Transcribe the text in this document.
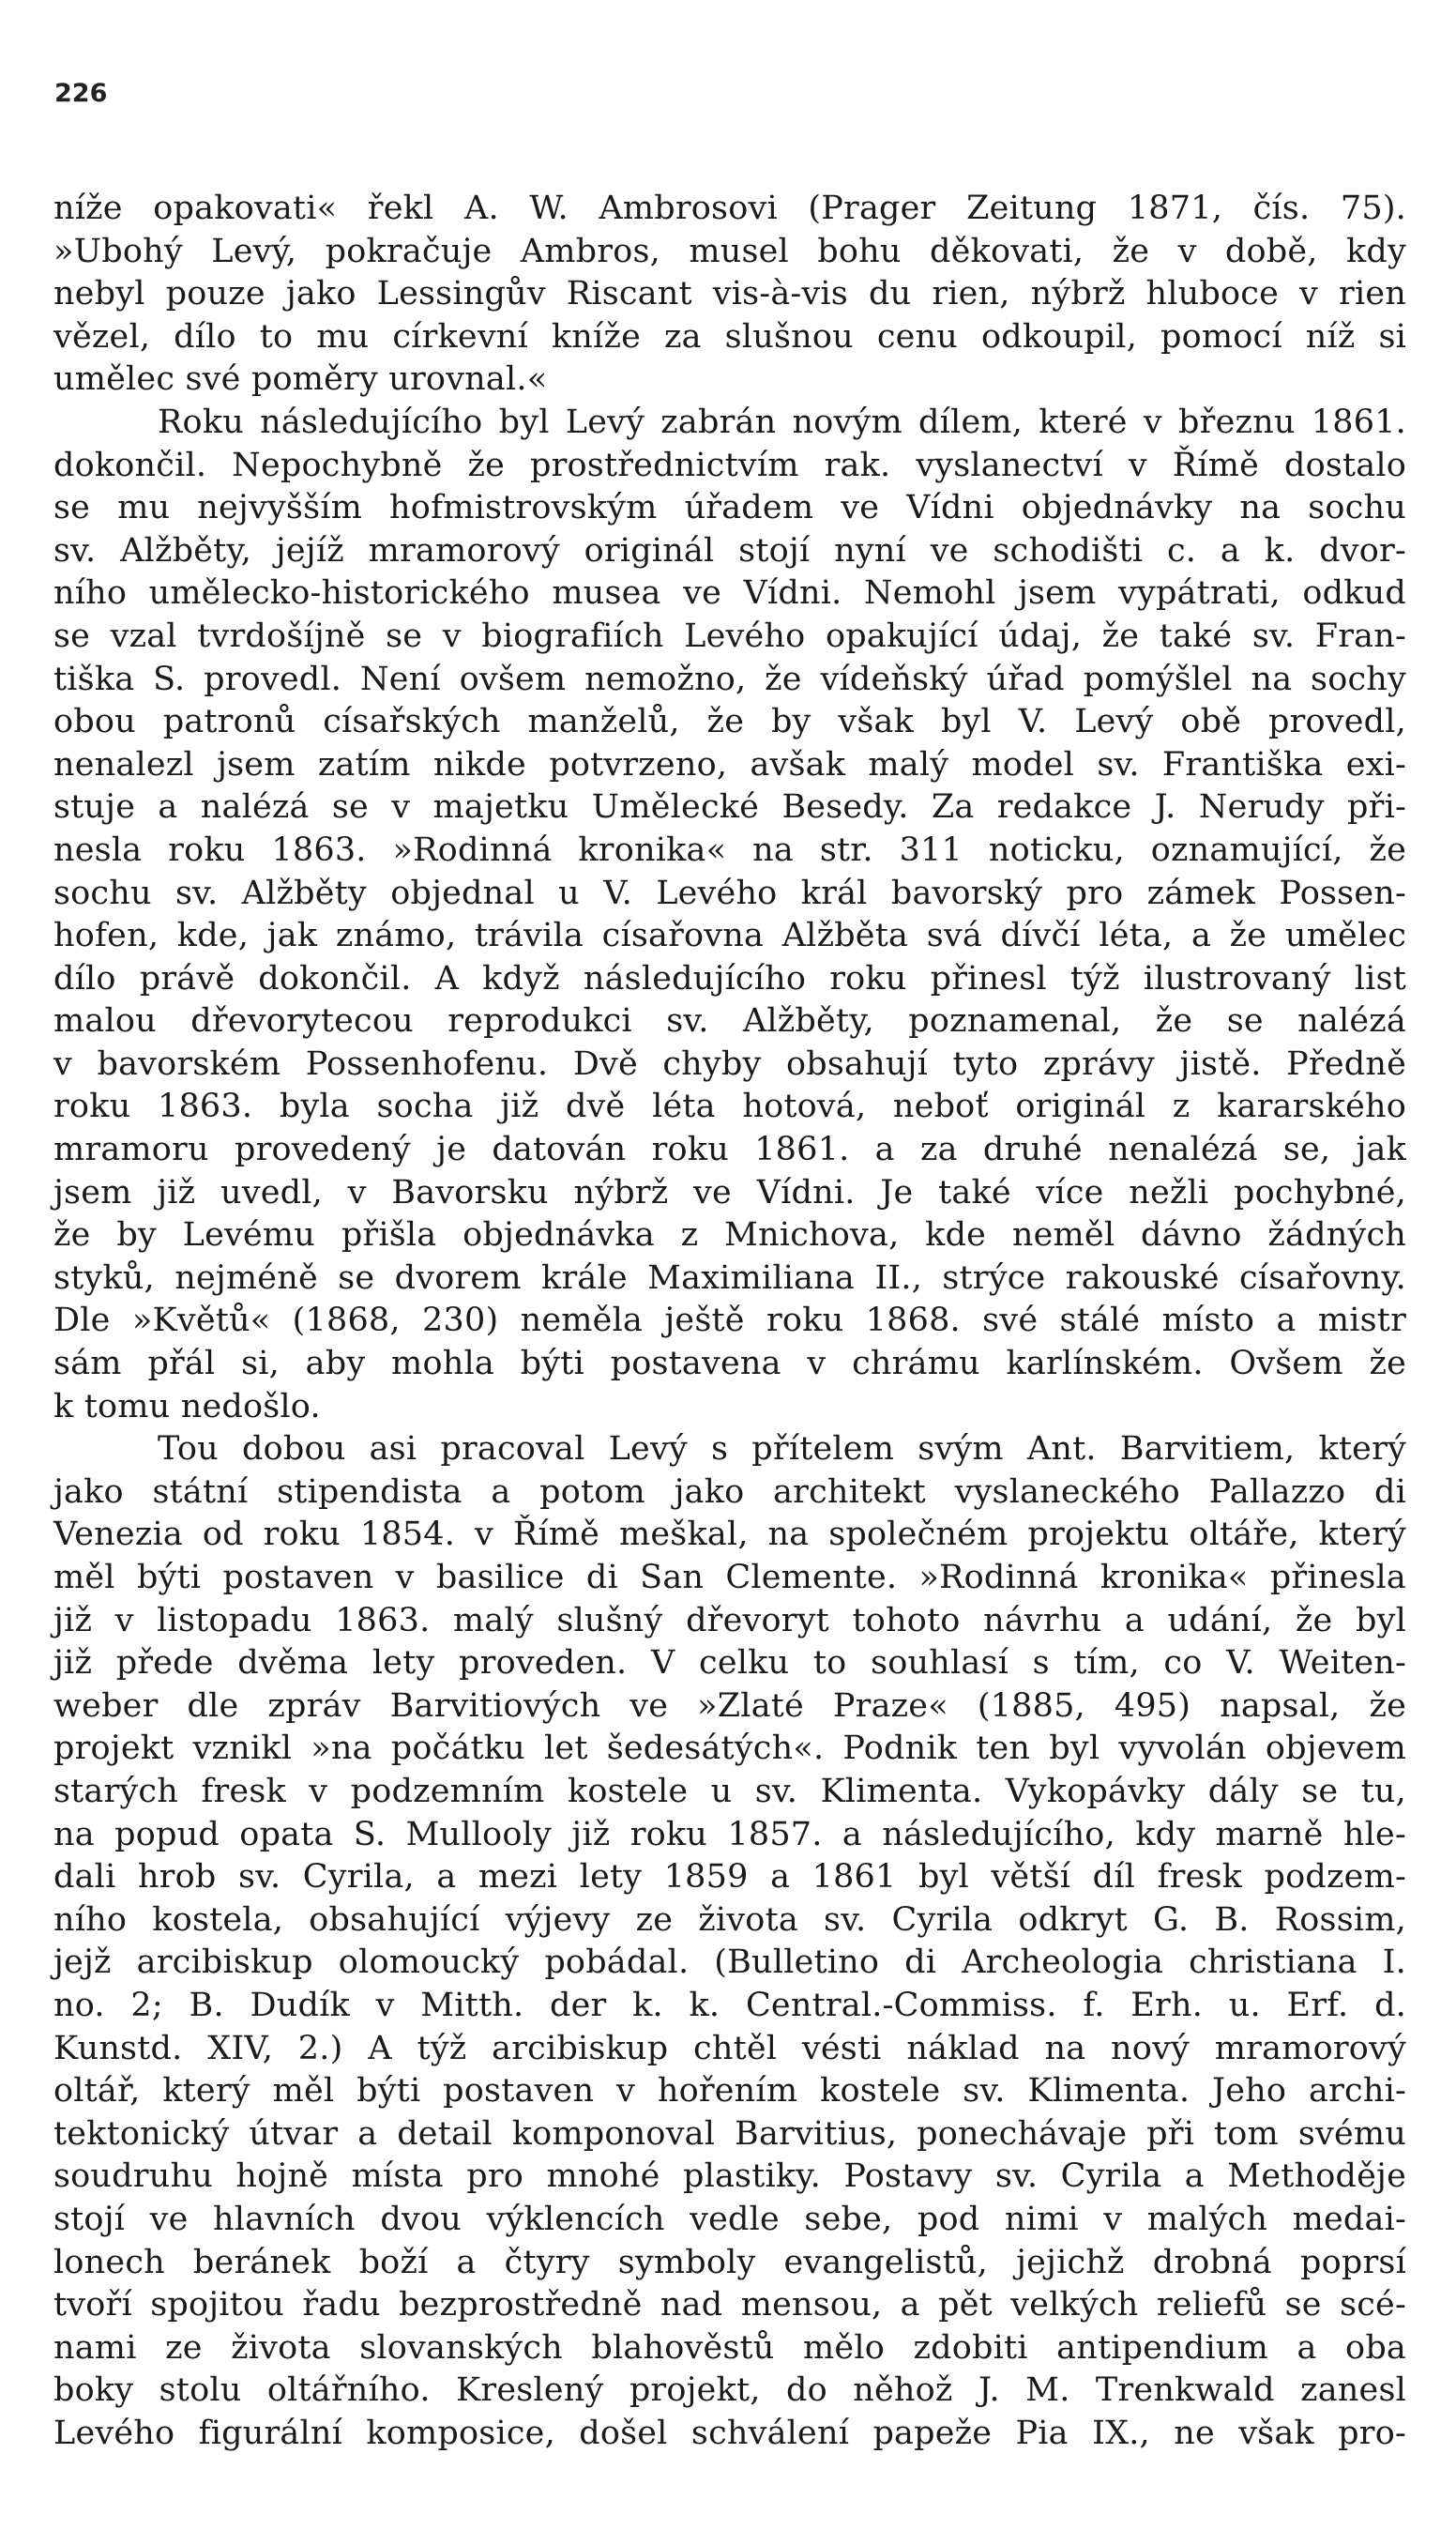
226
níže opakovati« řekl A. W. Ambrosovi (Prager Zeitung 1871, čís. 75).
»Ubohý Levý, pokračuje Ambros, musel bohu děkovati, že v době, kdy
nebyl pouze jako Lessingův Riscant vis-à-vis du rien, nýbrž hluboce v rien
vězel, dílo to mu církevní kníže za slušnou cenu odkoupil, pomocí níž si
umělec své poměry urovnal.«
Roku následujícího byl Levý zabrán novým dílem, které v březnu 1861.
dokončil. Nepochybně že prostřednictvím rak. vyslanectví v Římě dostalo
se mu nejvyšším hofmistrovským úřadem ve Vídni objednávky na sochu
sv. Alžběty, jejíž mramorový originál stojí nyní ve schodišti c. a k. dvor-
ního umělecko-historického musea ve Vídni. Nemohl jsem vypátrati, odkud
se vzal tvrdošíjně se v biografiích Levého opakující údaj, že také sv. Fran-
tiška S. provedl. Není ovšem nemožno, že vídeňský úřad pomýšlel na sochy
obou patronů císařských manželů, že by však byl V. Levý obě provedl,
nenalezl jsem zatím nikde potvrzeno, avšak malý model sv. Františka exi-
stuje a nalézá se v majetku Umělecké Besedy. Za redakce J. Nerudy při-
nesla roku 1863. »Rodinná kronika« na str. 311 noticku, oznamující, že
sochu sv. Alžběty objednal u V. Levého král bavorský pro zámek Possen-
hofen, kde, jak známo, trávila císařovna Alžběta svá dívčí léta, a že umělec
dílo právě dokončil. A když následujícího roku přinesl týž ilustrovaný list
malou dřevorytecou reprodukci sv. Alžběty, poznamenal, že se nalézá
v bavorském Possenhofenu. Dvě chyby obsahují tyto zprávy jistě. Předně
roku 1863. byla socha již dvě léta hotová, neboť originál z kararského
mramoru provedený je datován roku 1861. a za druhé nenalézá se, jak
jsem již uvedl, v Bavorsku nýbrž ve Vídni. Je také více nežli pochybné,
že by Levému přišla objednávka z Mnichova, kde neměl dávno žádných
styků, nejméně se dvorem krále Maximiliana II., strýce rakouské císařovny.
Dle »Květů« (1868, 230) neměla ještě roku 1868. své stálé místo a mistr
sám přál si, aby mohla býti postavena v chrámu karlínském. Ovšem že
k tomu nedošlo.
Tou dobou asi pracoval Levý s přítelem svým Ant. Barvitiem, který
jako státní stipendista a potom jako architekt vyslaneckého Pallazzo di
Venezia od roku 1854. v Římě meškal, na společném projektu oltáře, který
měl býti postaven v basilice di San Clemente. »Rodinná kronika« přinesla
již v listopadu 1863. malý slušný dřevoryt tohoto návrhu a udání, že byl
již přede dvěma lety proveden. V celku to souhlasí s tím, co V. Weiten-
weber dle zpráv Barvitiových ve »Zlaté Praze« (1885, 495) napsal, že
projekt vznikl »na počátku let šedesátých«. Podnik ten byl vyvolán objevem
starých fresk v podzemním kostele u sv. Klimenta. Vykopávky dály se tu,
na popud opata S. Mullooly již roku 1857. a následujícího, kdy marně hle-
dali hrob sv. Cyrila, a mezi lety 1859 a 1861 byl větší díl fresk podzem-
ního kostela, obsahující výjevy ze života sv. Cyrila odkryt G. B. Rossim,
jejž arcibiskup olomoucký pobádal. (Bulletino di Archeologia christiana I.
no. 2; B. Dudík v Mitth. der k. k. Central.-Commiss. f. Erh. u. Erf. d.
Kunstd. XIV, 2.) A týž arcibiskup chtěl vésti náklad na nový mramorový
oltář, který měl býti postaven v hořením kostele sv. Klimenta. Jeho archi-
tektonický útvar a detail komponoval Barvitius, ponechávaje při tom svému
soudruhu hojně místa pro mnohé plastiky. Postavy sv. Cyrila a Methoděje
stojí ve hlavních dvou výklencích vedle sebe, pod nimi v malých medai-
lonech beránek boží a čtyry symboly evangelistů, jejichž drobná poprsí
tvoří spojitou řadu bezprostředně nad mensou, a pět velkých reliefů se scé-
nami ze života slovanských blahověstů mělo zdobiti antipendium a oba
boky stolu oltářního. Kreslený projekt, do něhož J. M. Trenkwald zanesl
Levého figurální komposice, došel schválení papeže Pia IX., ne však pro-
